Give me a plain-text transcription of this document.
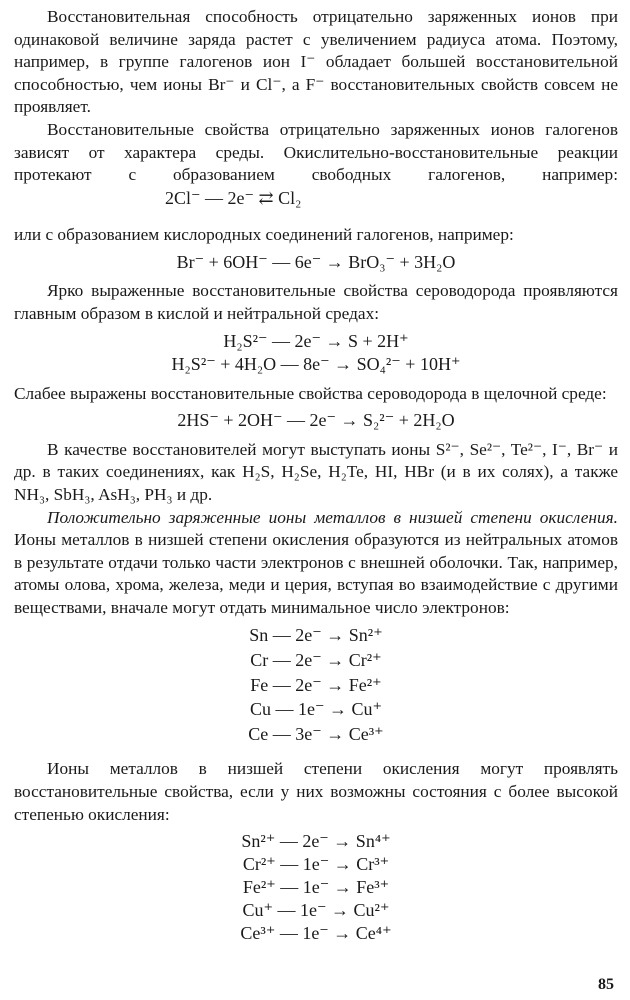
Восстановительная способность отрицательно заряженных ионов при одинаковой величине заряда растет с увеличением радиуса атома. Поэтому, например, в группе галогенов ион I⁻ обладает большей восстановительной способностью, чем ионы Br⁻ и Cl⁻, а F⁻ восстановительных свойств совсем не проявляет.

Восстановительные свойства отрицательно заряженных ионов галогенов зависят от характера среды. Окислительно-восстановительные реакции протекают с образованием свободных галогенов, например:2Cl⁻ — 2e⁻ ⇄ Cl₂

или с образованием кислородных соединений галогенов, например:

Br⁻ + 6OH⁻ — 6e⁻ → BrO₃⁻ + 3H₂O

Ярко выраженные восстановительные свойства сероводорода проявляются главным образом в кислой и нейтральной средах:

H₂S²⁻ — 2e⁻ → S + 2H⁺

H₂S²⁻ + 4H₂O — 8e⁻ → SO₄²⁻ + 10H⁺

Слабее выражены восстановительные свойства сероводорода в щелочной среде:

2HS⁻ + 2OH⁻ — 2e⁻ → S₂²⁻ + 2H₂O

В качестве восстановителей могут выступать ионы S²⁻, Se²⁻, Te²⁻, I⁻, Br⁻ и др. в таких соединениях, как H₂S, H₂Se, H₂Te, HI, HBr (и в их солях), а также NH₃, SbH₃, AsH₃, PH₃ и др.

Положительно заряженные ионы металлов в низшей степени окисления. Ионы металлов в низшей степени окисления образуются из нейтральных атомов в результате отдачи только части электронов с внешней оболочки. Так, например, атомы олова, хрома, железа, меди и церия, вступая во взаимодействие с другими веществами, вначале могут отдать минимальное число электронов:

Sn — 2e⁻ → Sn²⁺

Cr — 2e⁻ → Cr²⁺

Fe — 2e⁻ → Fe²⁺

Cu — 1e⁻ → Cu⁺

Ce — 3e⁻ → Ce³⁺

Ионы металлов в низшей степени окисления могут проявлять восстановительные свойства, если у них возможны состояния с более высокой степенью окисления:

Sn²⁺ — 2e⁻ → Sn⁴⁺

Cr²⁺ — 1e⁻ → Cr³⁺

Fe²⁺ — 1e⁻ → Fe³⁺

Cu⁺ — 1e⁻ → Cu²⁺

Ce³⁺ — 1e⁻ → Ce⁴⁺

85
